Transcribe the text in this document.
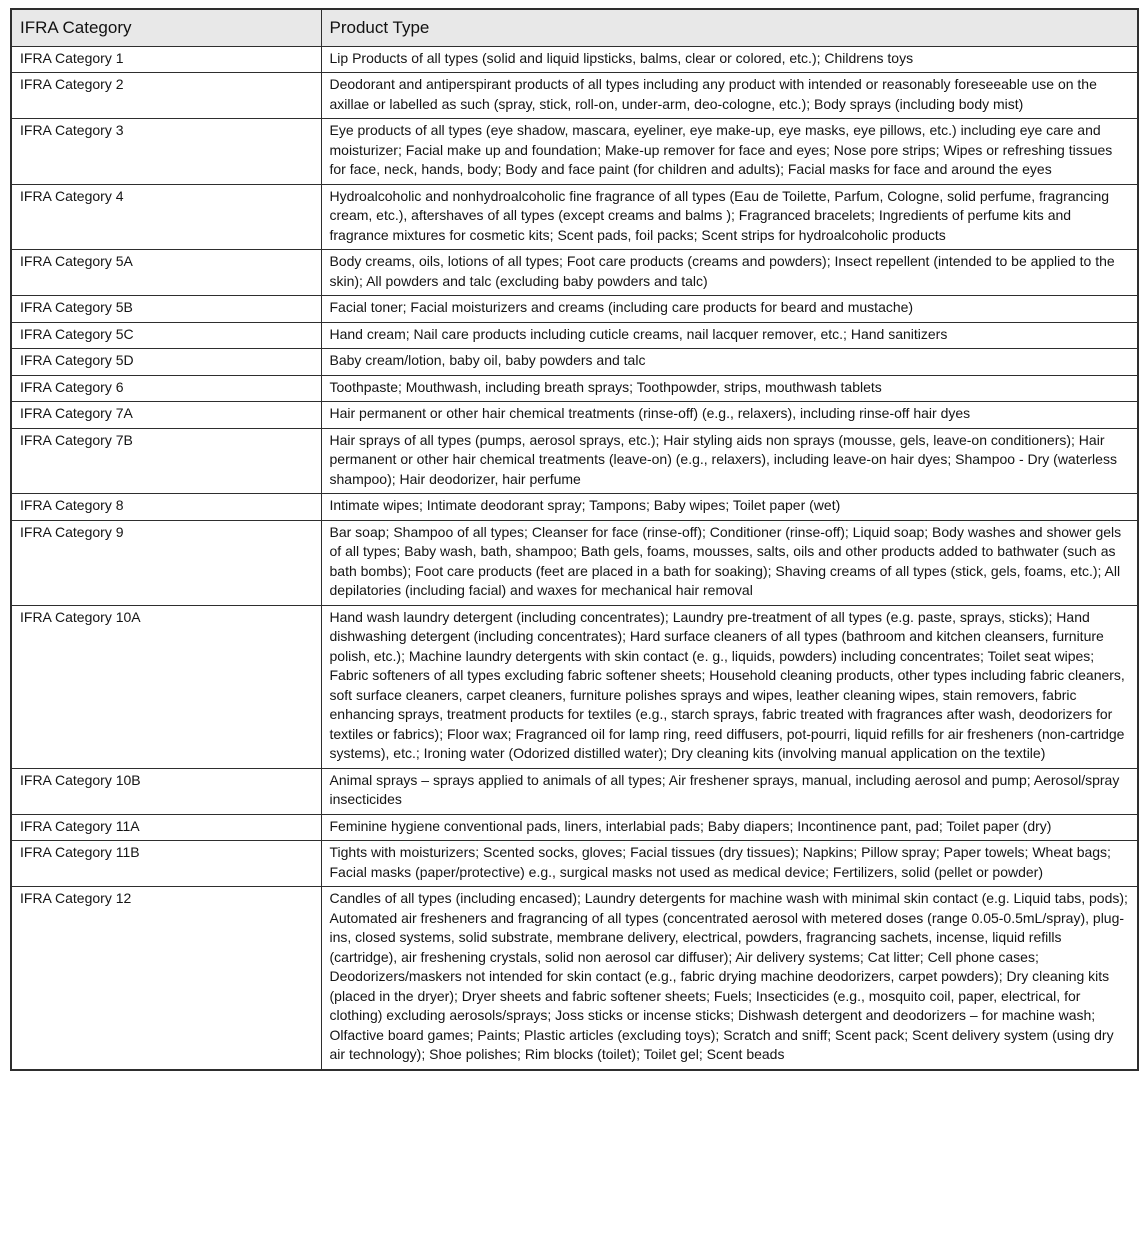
IFRA Category	Product Type
IFRA Category 1	Lip Products of all types (solid and liquid lipsticks, balms, clear or colored, etc.); Childrens toys
IFRA Category 2	Deodorant and antiperspirant products of all types including any product with intended or reasonably foreseeable use on the axillae or labelled as such (spray, stick, roll-on, under-arm, deo-cologne, etc.); Body sprays (including body mist)
IFRA Category 3	Eye products of all types (eye shadow, mascara, eyeliner, eye make-up, eye masks, eye pillows, etc.) including eye care and moisturizer; Facial make up and foundation; Make-up remover for face and eyes; Nose pore strips; Wipes or refreshing tissues for face, neck, hands, body; Body and face paint (for children and adults); Facial masks for face and around the eyes
IFRA Category 4	Hydroalcoholic and nonhydroalcoholic fine fragrance of all types (Eau de Toilette, Parfum, Cologne, solid perfume, fragrancing cream, etc.), aftershaves of all types (except creams and balms ); Fragranced bracelets; Ingredients of perfume kits and fragrance mixtures for cosmetic kits; Scent pads, foil packs; Scent strips for hydroalcoholic products
IFRA Category 5A	Body creams, oils, lotions of all types; Foot care products (creams and powders); Insect repellent (intended to be applied to the skin); All powders and talc (excluding baby powders and talc)
IFRA Category 5B	Facial toner; Facial moisturizers and creams (including care products for beard and mustache)
IFRA Category 5C	Hand cream; Nail care products including cuticle creams, nail lacquer remover, etc.; Hand sanitizers
IFRA Category 5D	Baby cream/lotion, baby oil, baby powders and talc
IFRA Category 6	Toothpaste; Mouthwash, including breath sprays; Toothpowder, strips, mouthwash tablets
IFRA Category 7A	Hair permanent or other hair chemical treatments (rinse-off) (e.g., relaxers), including rinse-off hair dyes
IFRA Category 7B	Hair sprays of all types (pumps, aerosol sprays, etc.); Hair styling aids non sprays (mousse, gels, leave-on conditioners); Hair permanent or other hair chemical treatments (leave-on) (e.g., relaxers), including leave-on hair dyes; Shampoo - Dry (waterless shampoo); Hair deodorizer, hair perfume
IFRA Category 8	Intimate wipes; Intimate deodorant spray; Tampons; Baby wipes; Toilet paper (wet)
IFRA Category 9	Bar soap; Shampoo of all types; Cleanser for face (rinse-off); Conditioner (rinse-off); Liquid soap; Body washes and shower gels of all types; Baby wash, bath, shampoo; Bath gels, foams, mousses, salts, oils and other products added to bathwater (such as bath bombs); Foot care products (feet are placed in a bath for soaking); Shaving creams of all types (stick, gels, foams, etc.); All depilatories (including facial) and waxes for mechanical hair removal
IFRA Category 10A	Hand wash laundry detergent (including concentrates); Laundry pre-treatment of all types (e.g. paste, sprays, sticks); Hand dishwashing detergent (including concentrates); Hard surface cleaners of all types (bathroom and kitchen cleansers, furniture polish, etc.); Machine laundry detergents with skin contact (e. g., liquids, powders) including concentrates; Toilet seat wipes; Fabric softeners of all types excluding fabric softener sheets; Household cleaning products, other types including fabric cleaners, soft surface cleaners, carpet cleaners, furniture polishes sprays and wipes, leather cleaning wipes, stain removers, fabric enhancing sprays, treatment products for textiles (e.g., starch sprays, fabric treated with fragrances after wash, deodorizers for textiles or fabrics); Floor wax; Fragranced oil for lamp ring, reed diffusers, pot-pourri, liquid refills for air fresheners (non-cartridge systems), etc.; Ironing water (Odorized distilled water); Dry cleaning kits (involving manual application on the textile)
IFRA Category 10B	Animal sprays – sprays applied to animals of all types; Air freshener sprays, manual, including aerosol and pump; Aerosol/spray insecticides
IFRA Category 11A	Feminine hygiene conventional pads, liners, interlabial pads; Baby diapers; Incontinence pant, pad; Toilet paper (dry)
IFRA Category 11B	Tights with moisturizers; Scented socks, gloves; Facial tissues (dry tissues); Napkins; Pillow spray; Paper towels; Wheat bags; Facial masks (paper/protective) e.g., surgical masks not used as medical device; Fertilizers, solid (pellet or powder)
IFRA Category 12	Candles of all types (including encased); Laundry detergents for machine wash with minimal skin contact (e.g. Liquid tabs, pods); Automated air fresheners and fragrancing of all types (concentrated aerosol with metered doses (range 0.05-0.5mL/spray), plug-ins, closed systems, solid substrate, membrane delivery, electrical, powders, fragrancing sachets, incense, liquid refills (cartridge), air freshening crystals, solid non aerosol car diffuser); Air delivery systems; Cat litter; Cell phone cases; Deodorizers/maskers not intended for skin contact (e.g., fabric drying machine deodorizers, carpet powders); Dry cleaning kits (placed in the dryer); Dryer sheets and fabric softener sheets; Fuels; Insecticides (e.g., mosquito coil, paper, electrical, for clothing) excluding aerosols/sprays; Joss sticks or incense sticks; Dishwash detergent and deodorizers – for machine wash; Olfactive board games; Paints; Plastic articles (excluding toys); Scratch and sniff; Scent pack; Scent delivery system (using dry air technology); Shoe polishes; Rim blocks (toilet); Toilet gel; Scent beads
